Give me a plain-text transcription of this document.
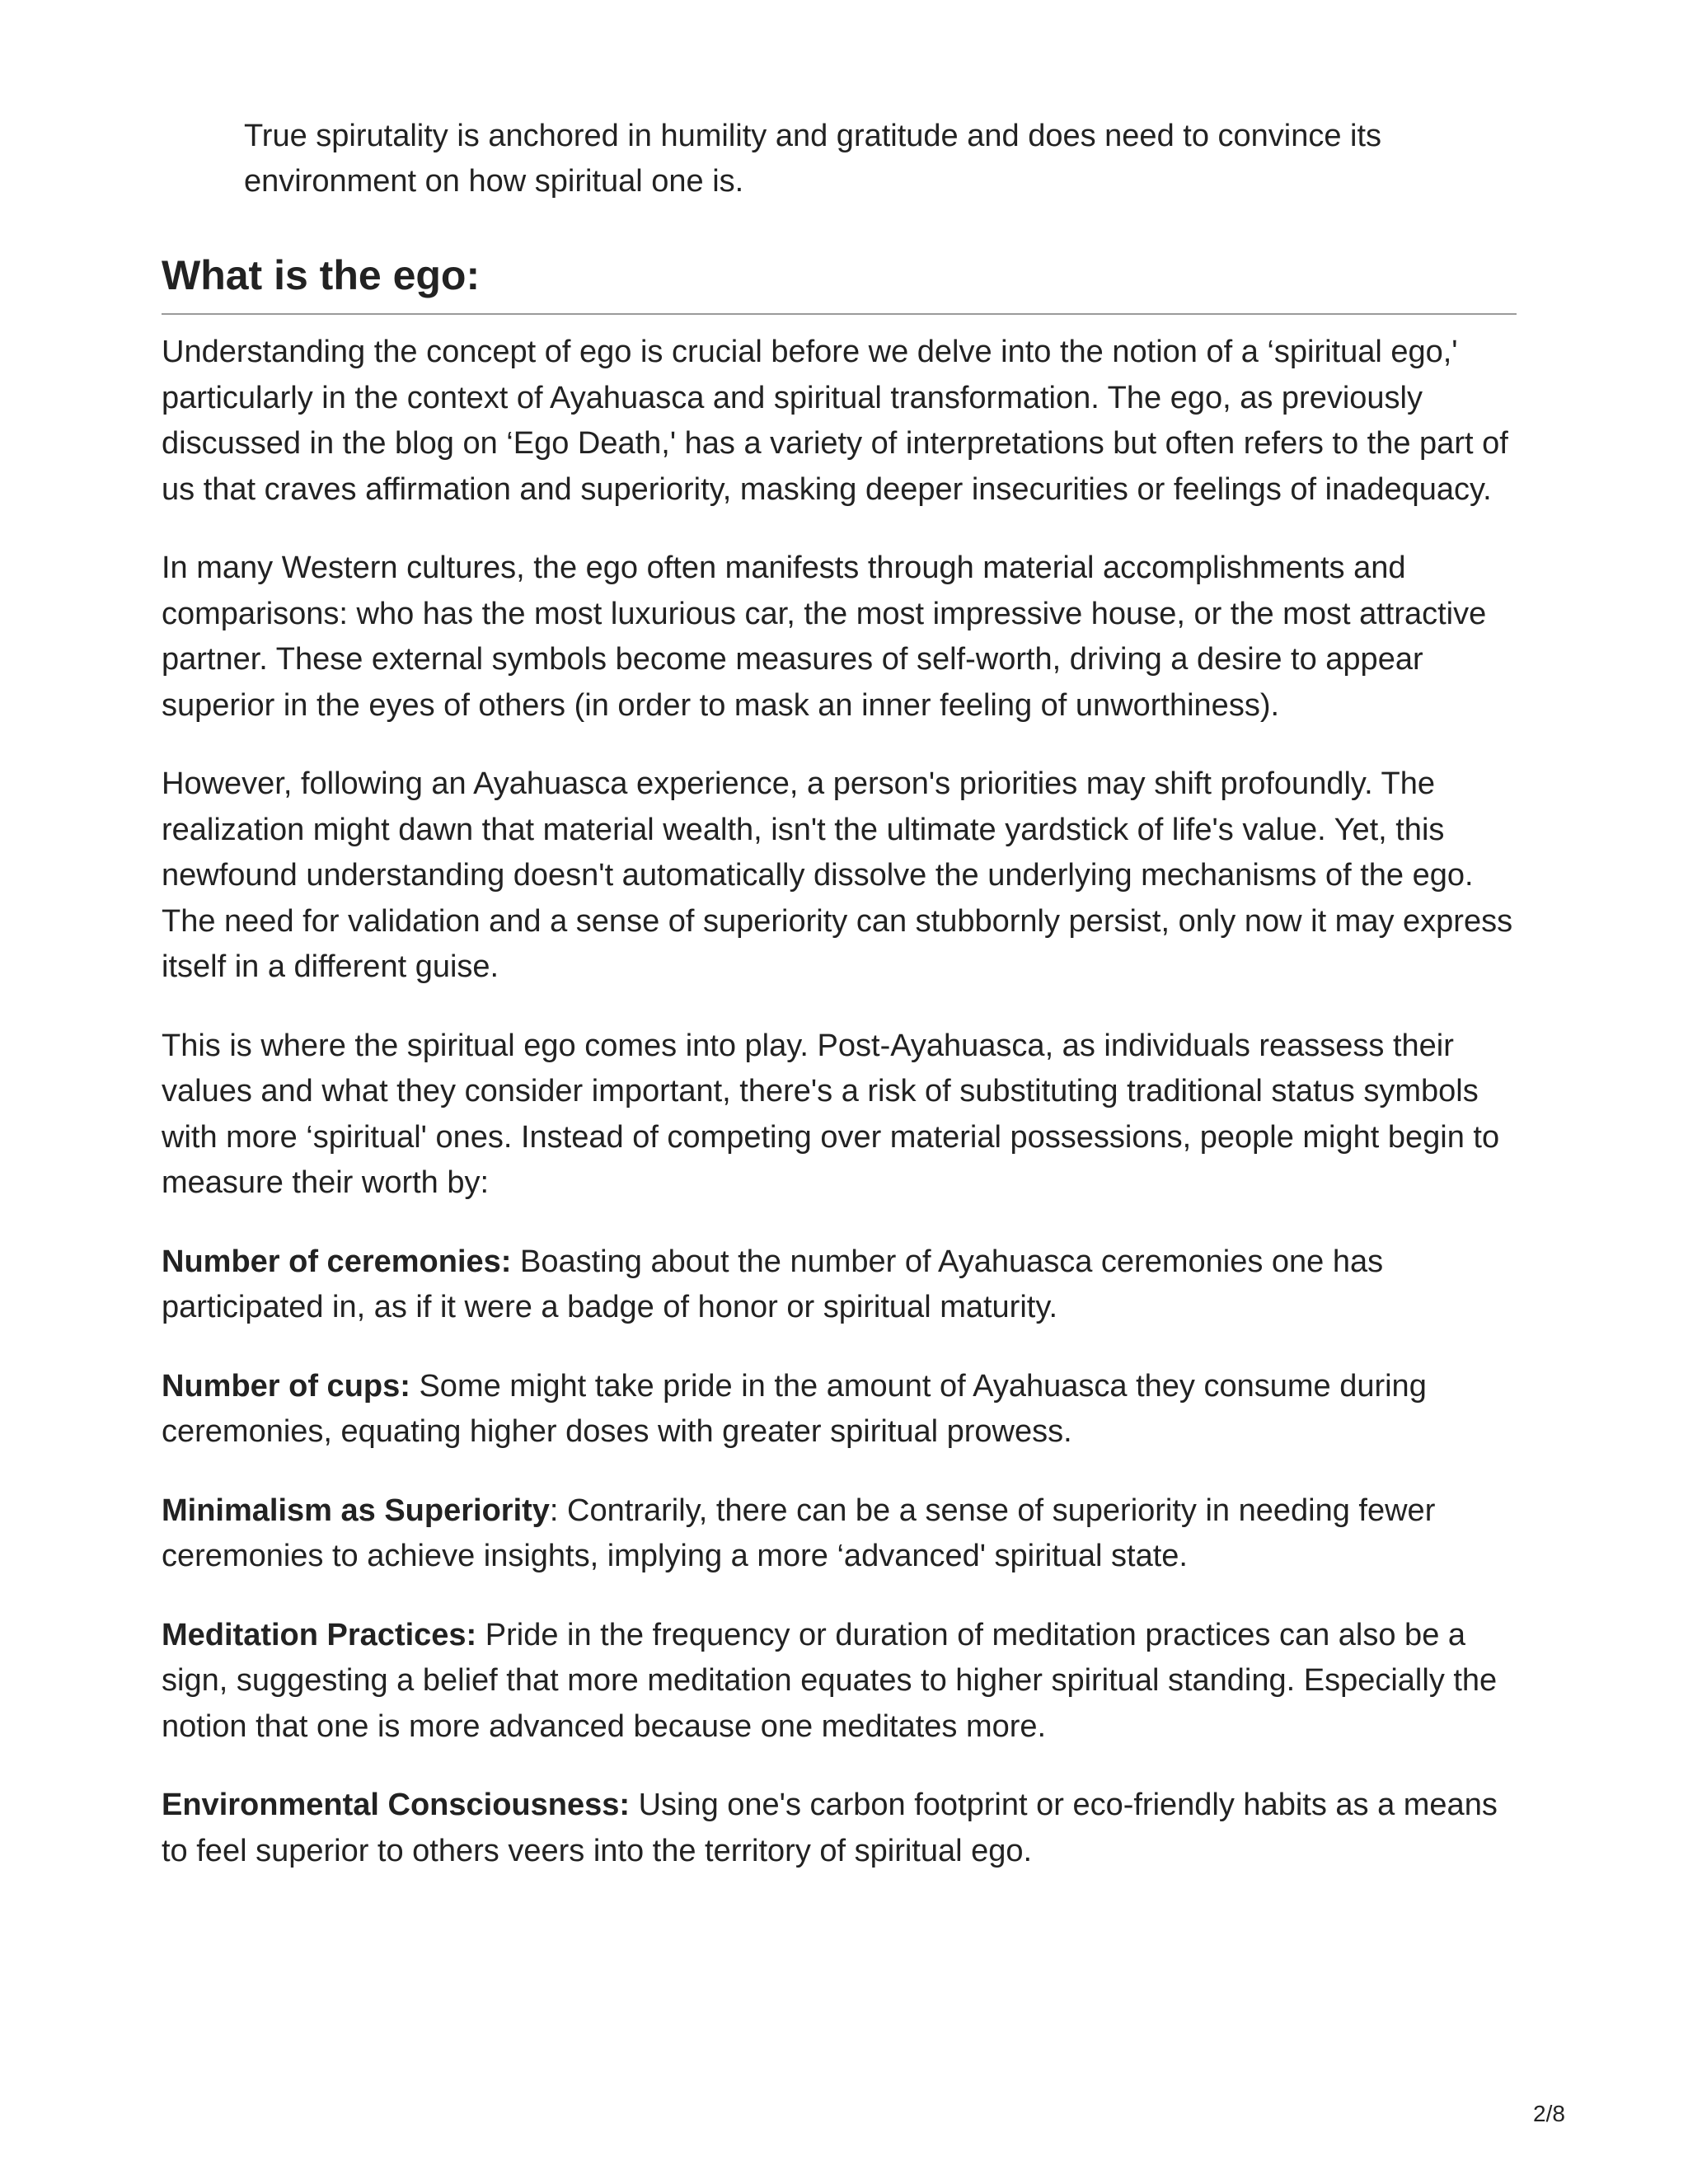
True spirutality is anchored in humility and gratitude and does need to convince its environment on how spiritual one is.

What is the ego:

Understanding the concept of ego is crucial before we delve into the notion of a ‘spiritual ego,' particularly in the context of Ayahuasca and spiritual transformation. The ego, as previously discussed in the blog on ‘Ego Death,' has a variety of interpretations but often refers to the part of us that craves affirmation and superiority, masking deeper insecurities or feelings of inadequacy.

In many Western cultures, the ego often manifests through material accomplishments and comparisons: who has the most luxurious car, the most impressive house, or the most attractive partner. These external symbols become measures of self-worth, driving a desire to appear superior in the eyes of others (in order to mask an inner feeling of unworthiness).

However, following an Ayahuasca experience, a person's priorities may shift profoundly. The realization might dawn that material wealth, isn't the ultimate yardstick of life's value. Yet, this newfound understanding doesn't automatically dissolve the underlying mechanisms of the ego. The need for validation and a sense of superiority can stubbornly persist, only now it may express itself in a different guise.

This is where the spiritual ego comes into play. Post-Ayahuasca, as individuals reassess their values and what they consider important, there's a risk of substituting traditional status symbols with more ‘spiritual' ones. Instead of competing over material possessions, people might begin to measure their worth by:

Number of ceremonies: Boasting about the number of Ayahuasca ceremonies one has participated in, as if it were a badge of honor or spiritual maturity.

Number of cups: Some might take pride in the amount of Ayahuasca they consume during ceremonies, equating higher doses with greater spiritual prowess.

Minimalism as Superiority: Contrarily, there can be a sense of superiority in needing fewer ceremonies to achieve insights, implying a more ‘advanced' spiritual state.

Meditation Practices: Pride in the frequency or duration of meditation practices can also be a sign, suggesting a belief that more meditation equates to higher spiritual standing. Especially the notion that one is more advanced because one meditates more.

Environmental Consciousness: Using one's carbon footprint or eco-friendly habits as a means to feel superior to others veers into the territory of spiritual ego.

2/8
